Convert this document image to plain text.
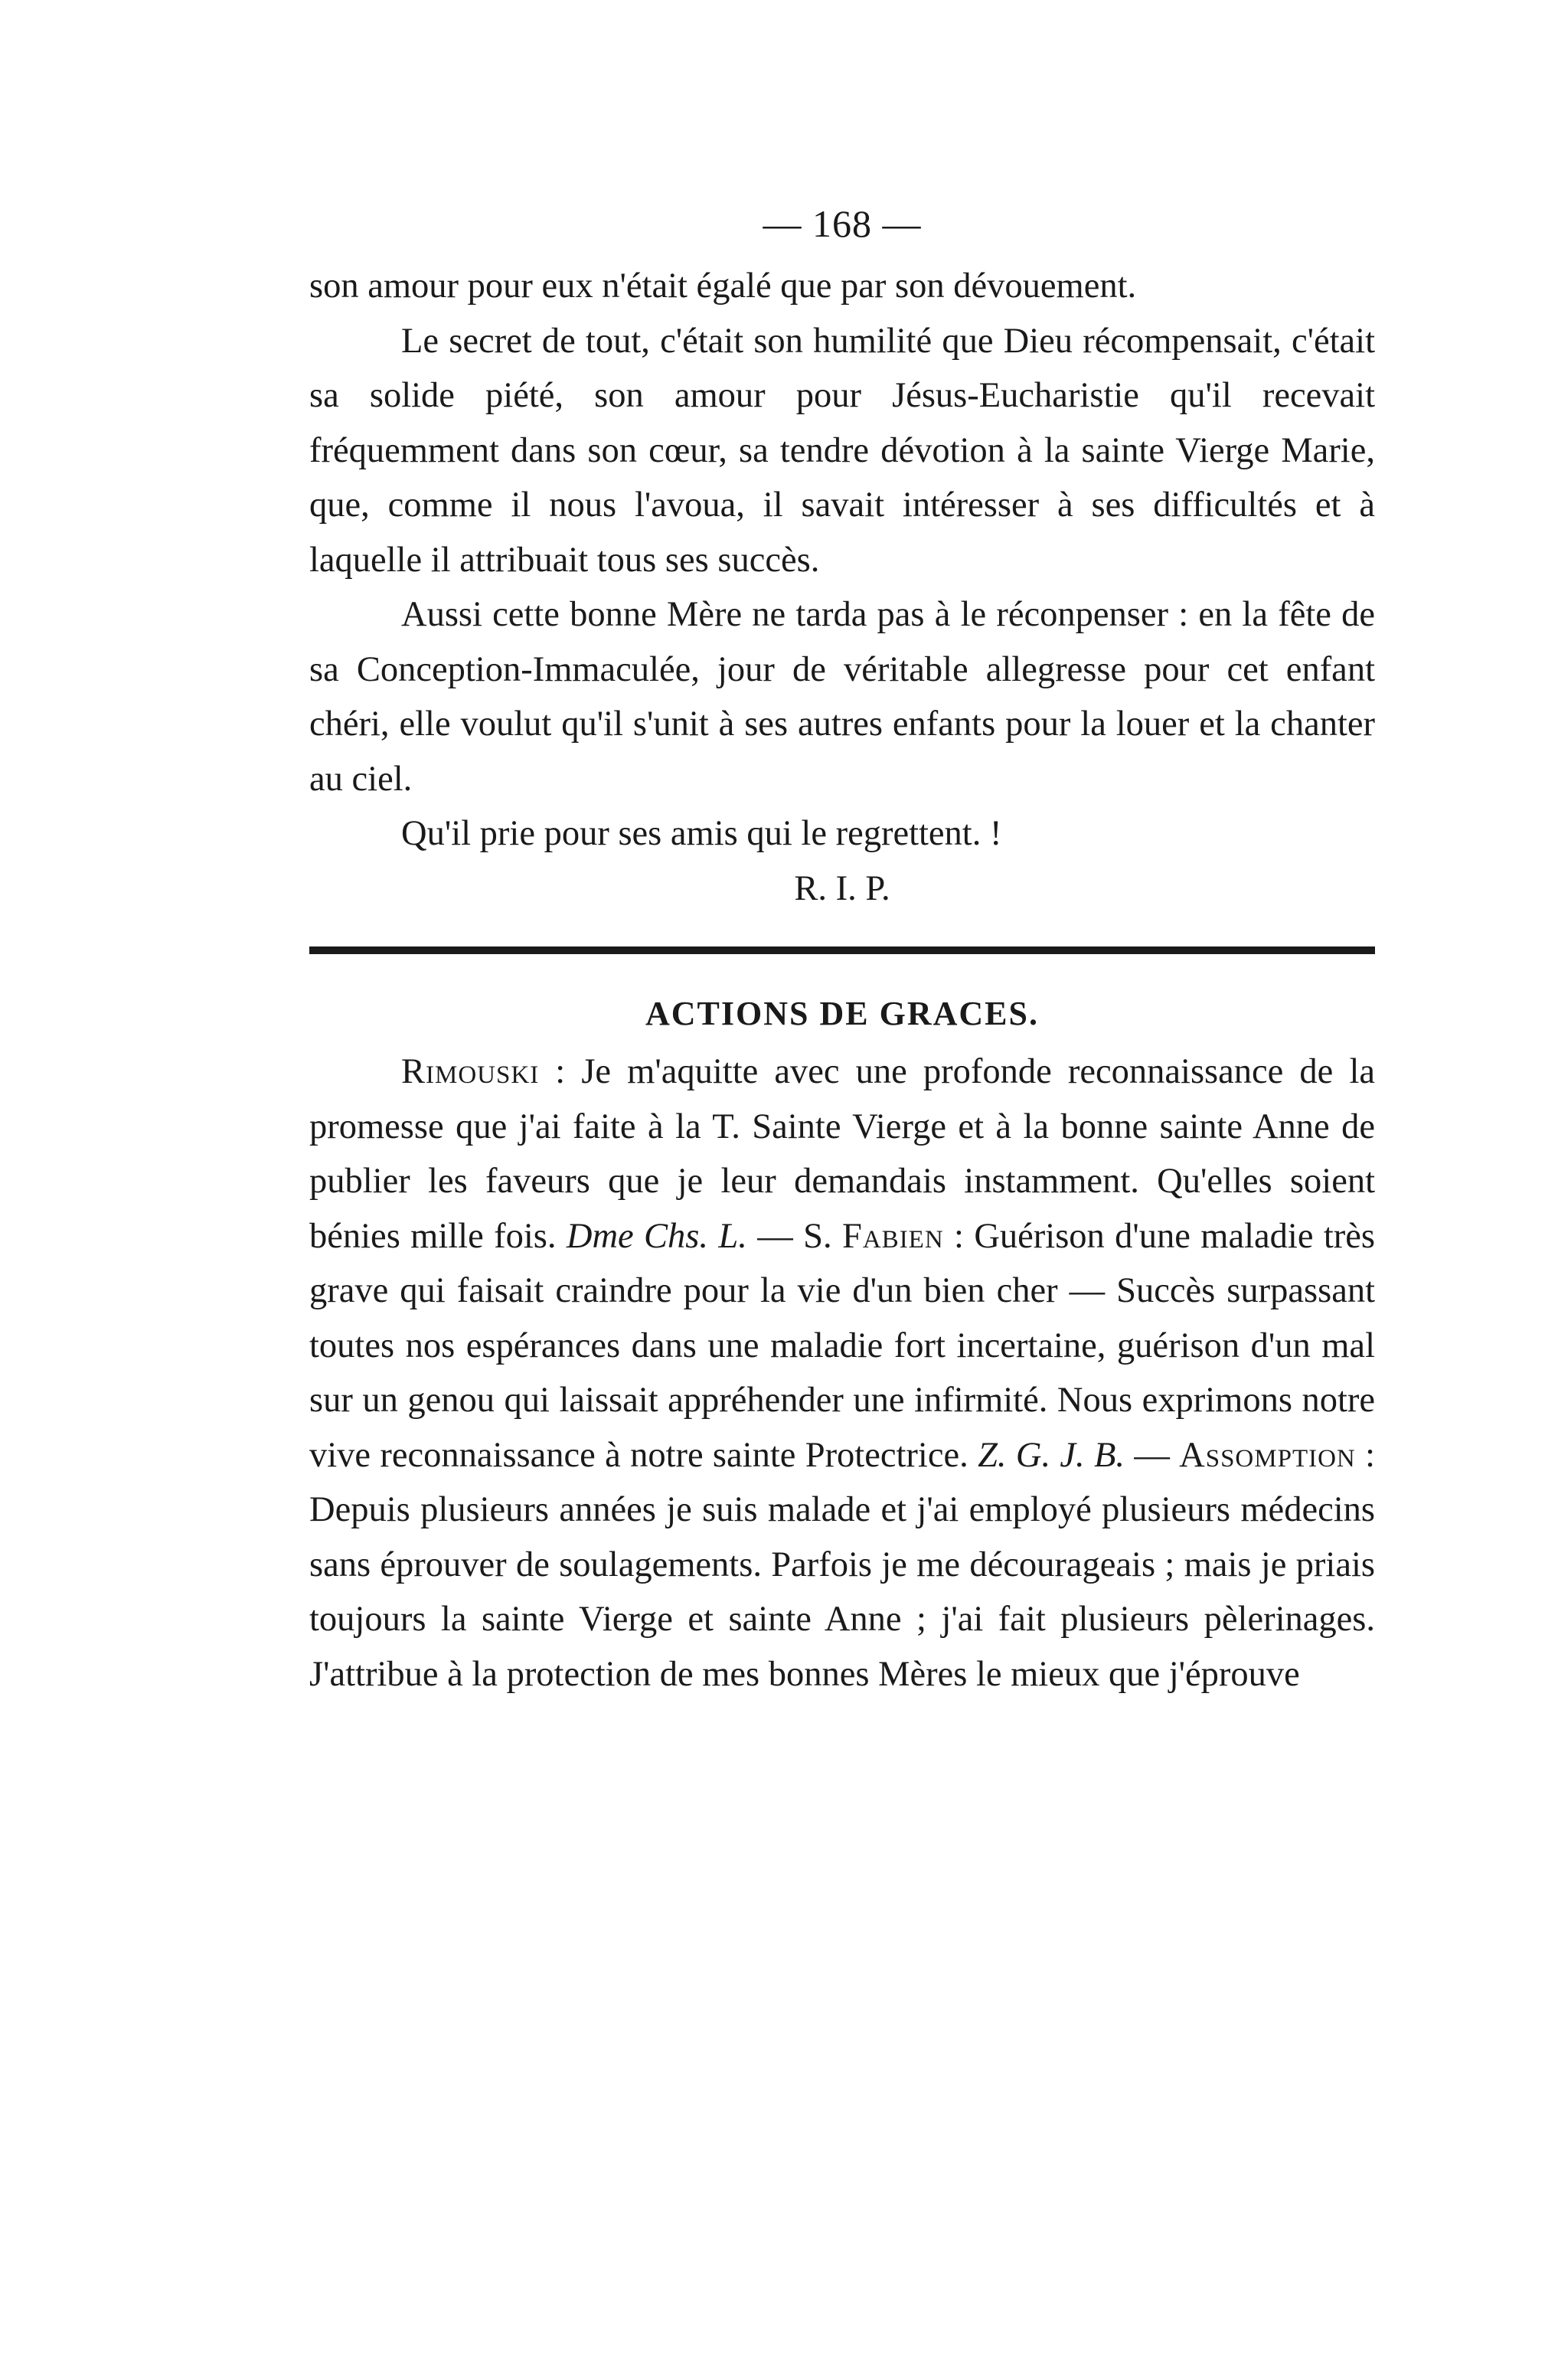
— 168 —

son amour pour eux n'était égalé que par son dévouement.

Le secret de tout, c'était son humilité que Dieu récompensait, c'était sa solide piété, son amour pour Jésus-Eucharistie qu'il recevait fréquemment dans son cœur, sa tendre dévotion à la sainte Vierge Marie, que, comme il nous l'avoua, il savait intéresser à ses difficultés et à laquelle il attribuait tous ses succès.

Aussi cette bonne Mère ne tarda pas à le réconpenser : en la fête de sa Conception-Immaculée, jour de véritable allegresse pour cet enfant chéri, elle voulut qu'il s'unit à ses autres enfants pour la louer et la chanter au ciel.

Qu'il prie pour ses amis qui le regrettent. !

R. I. P.

ACTIONS DE GRACES.

Rimouski : Je m'aquitte avec une profonde reconnaissance de la promesse que j'ai faite à la T. Sainte Vierge et à la bonne sainte Anne de publier les faveurs que je leur demandais instamment. Qu'elles soient bénies mille fois. Dme Chs. L. — S. Fabien : Guérison d'une maladie très grave qui faisait craindre pour la vie d'un bien cher — Succès surpassant toutes nos espérances dans une maladie fort incertaine, guérison d'un mal sur un genou qui laissait appréhender une infirmité. Nous exprimons notre vive reconnaissance à notre sainte Protectrice. Z. G. J. B. — Assomption : Depuis plusieurs années je suis malade et j'ai employé plusieurs médecins sans éprouver de soulagements. Parfois je me décourageais ; mais je priais toujours la sainte Vierge et sainte Anne ; j'ai fait plusieurs pèlerinages. J'attribue à la protection de mes bonnes Mères le mieux que j'éprouve
